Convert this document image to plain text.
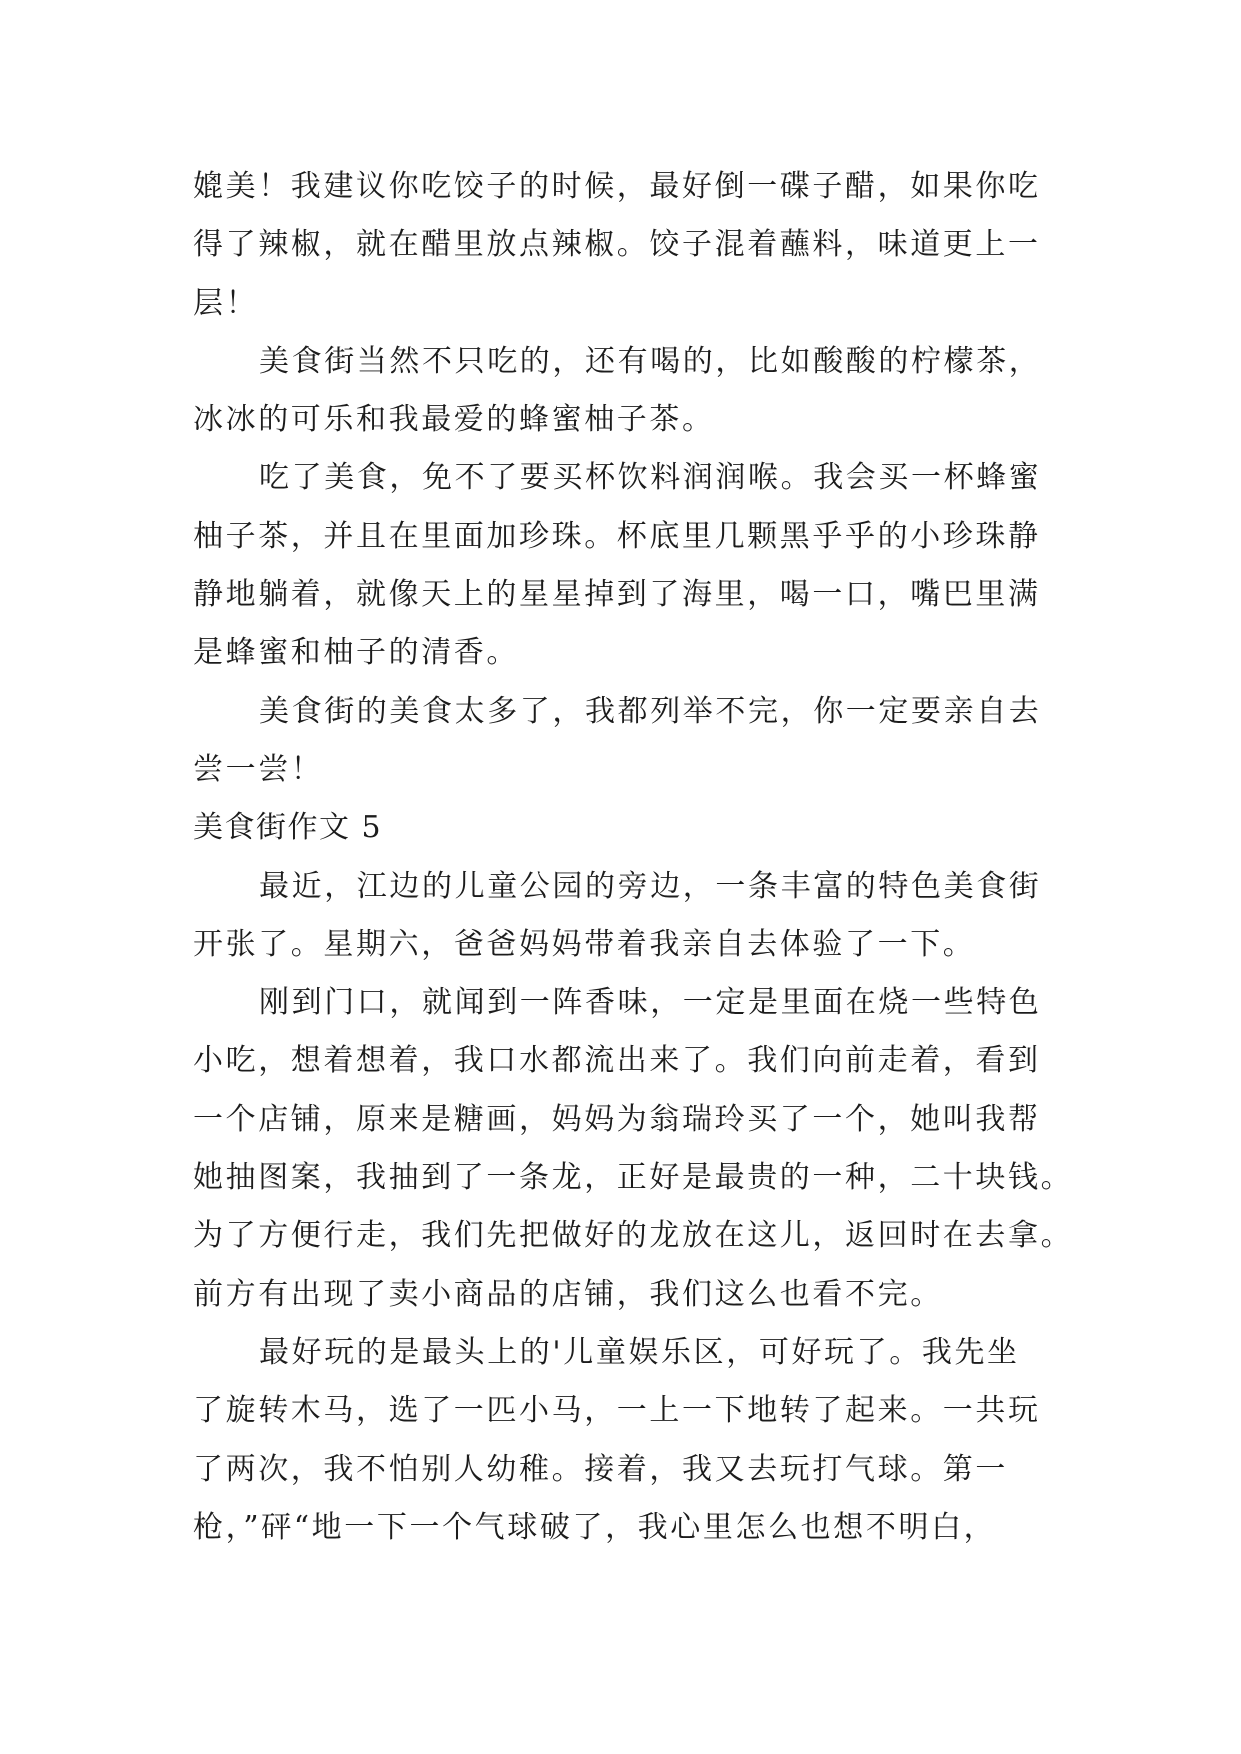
媲美！我建议你吃饺子的时候，最好倒一碟子醋，如果你吃
得了辣椒，就在醋里放点辣椒。饺子混着蘸料，味道更上一
层！
美食街当然不只吃的，还有喝的，比如酸酸的柠檬茶，
冰冰的可乐和我最爱的蜂蜜柚子茶。
吃了美食，免不了要买杯饮料润润喉。我会买一杯蜂蜜
柚子茶，并且在里面加珍珠。杯底里几颗黑乎乎的小珍珠静
静地躺着，就像天上的星星掉到了海里，喝一口，嘴巴里满
是蜂蜜和柚子的清香。
美食街的美食太多了，我都列举不完，你一定要亲自去
尝一尝！
美食街作文 5
最近，江边的儿童公园的旁边，一条丰富的特色美食街
开张了。星期六，爸爸妈妈带着我亲自去体验了一下。
刚到门口，就闻到一阵香味，一定是里面在烧一些特色
小吃，想着想着，我口水都流出来了。我们向前走着，看到
一个店铺，原来是糖画，妈妈为翁瑞玲买了一个，她叫我帮
她抽图案，我抽到了一条龙，正好是最贵的一种，二十块钱。
为了方便行走，我们先把做好的龙放在这儿，返回时在去拿。
前方有出现了卖小商品的店铺，我们这么也看不完。
最好玩的是最头上的'儿童娱乐区，可好玩了。我先坐
了旋转木马，选了一匹小马，一上一下地转了起来。一共玩
了两次，我不怕别人幼稚。接着，我又去玩打气球。第一
枪，”砰“地一下一个气球破了，我心里怎么也想不明白，
